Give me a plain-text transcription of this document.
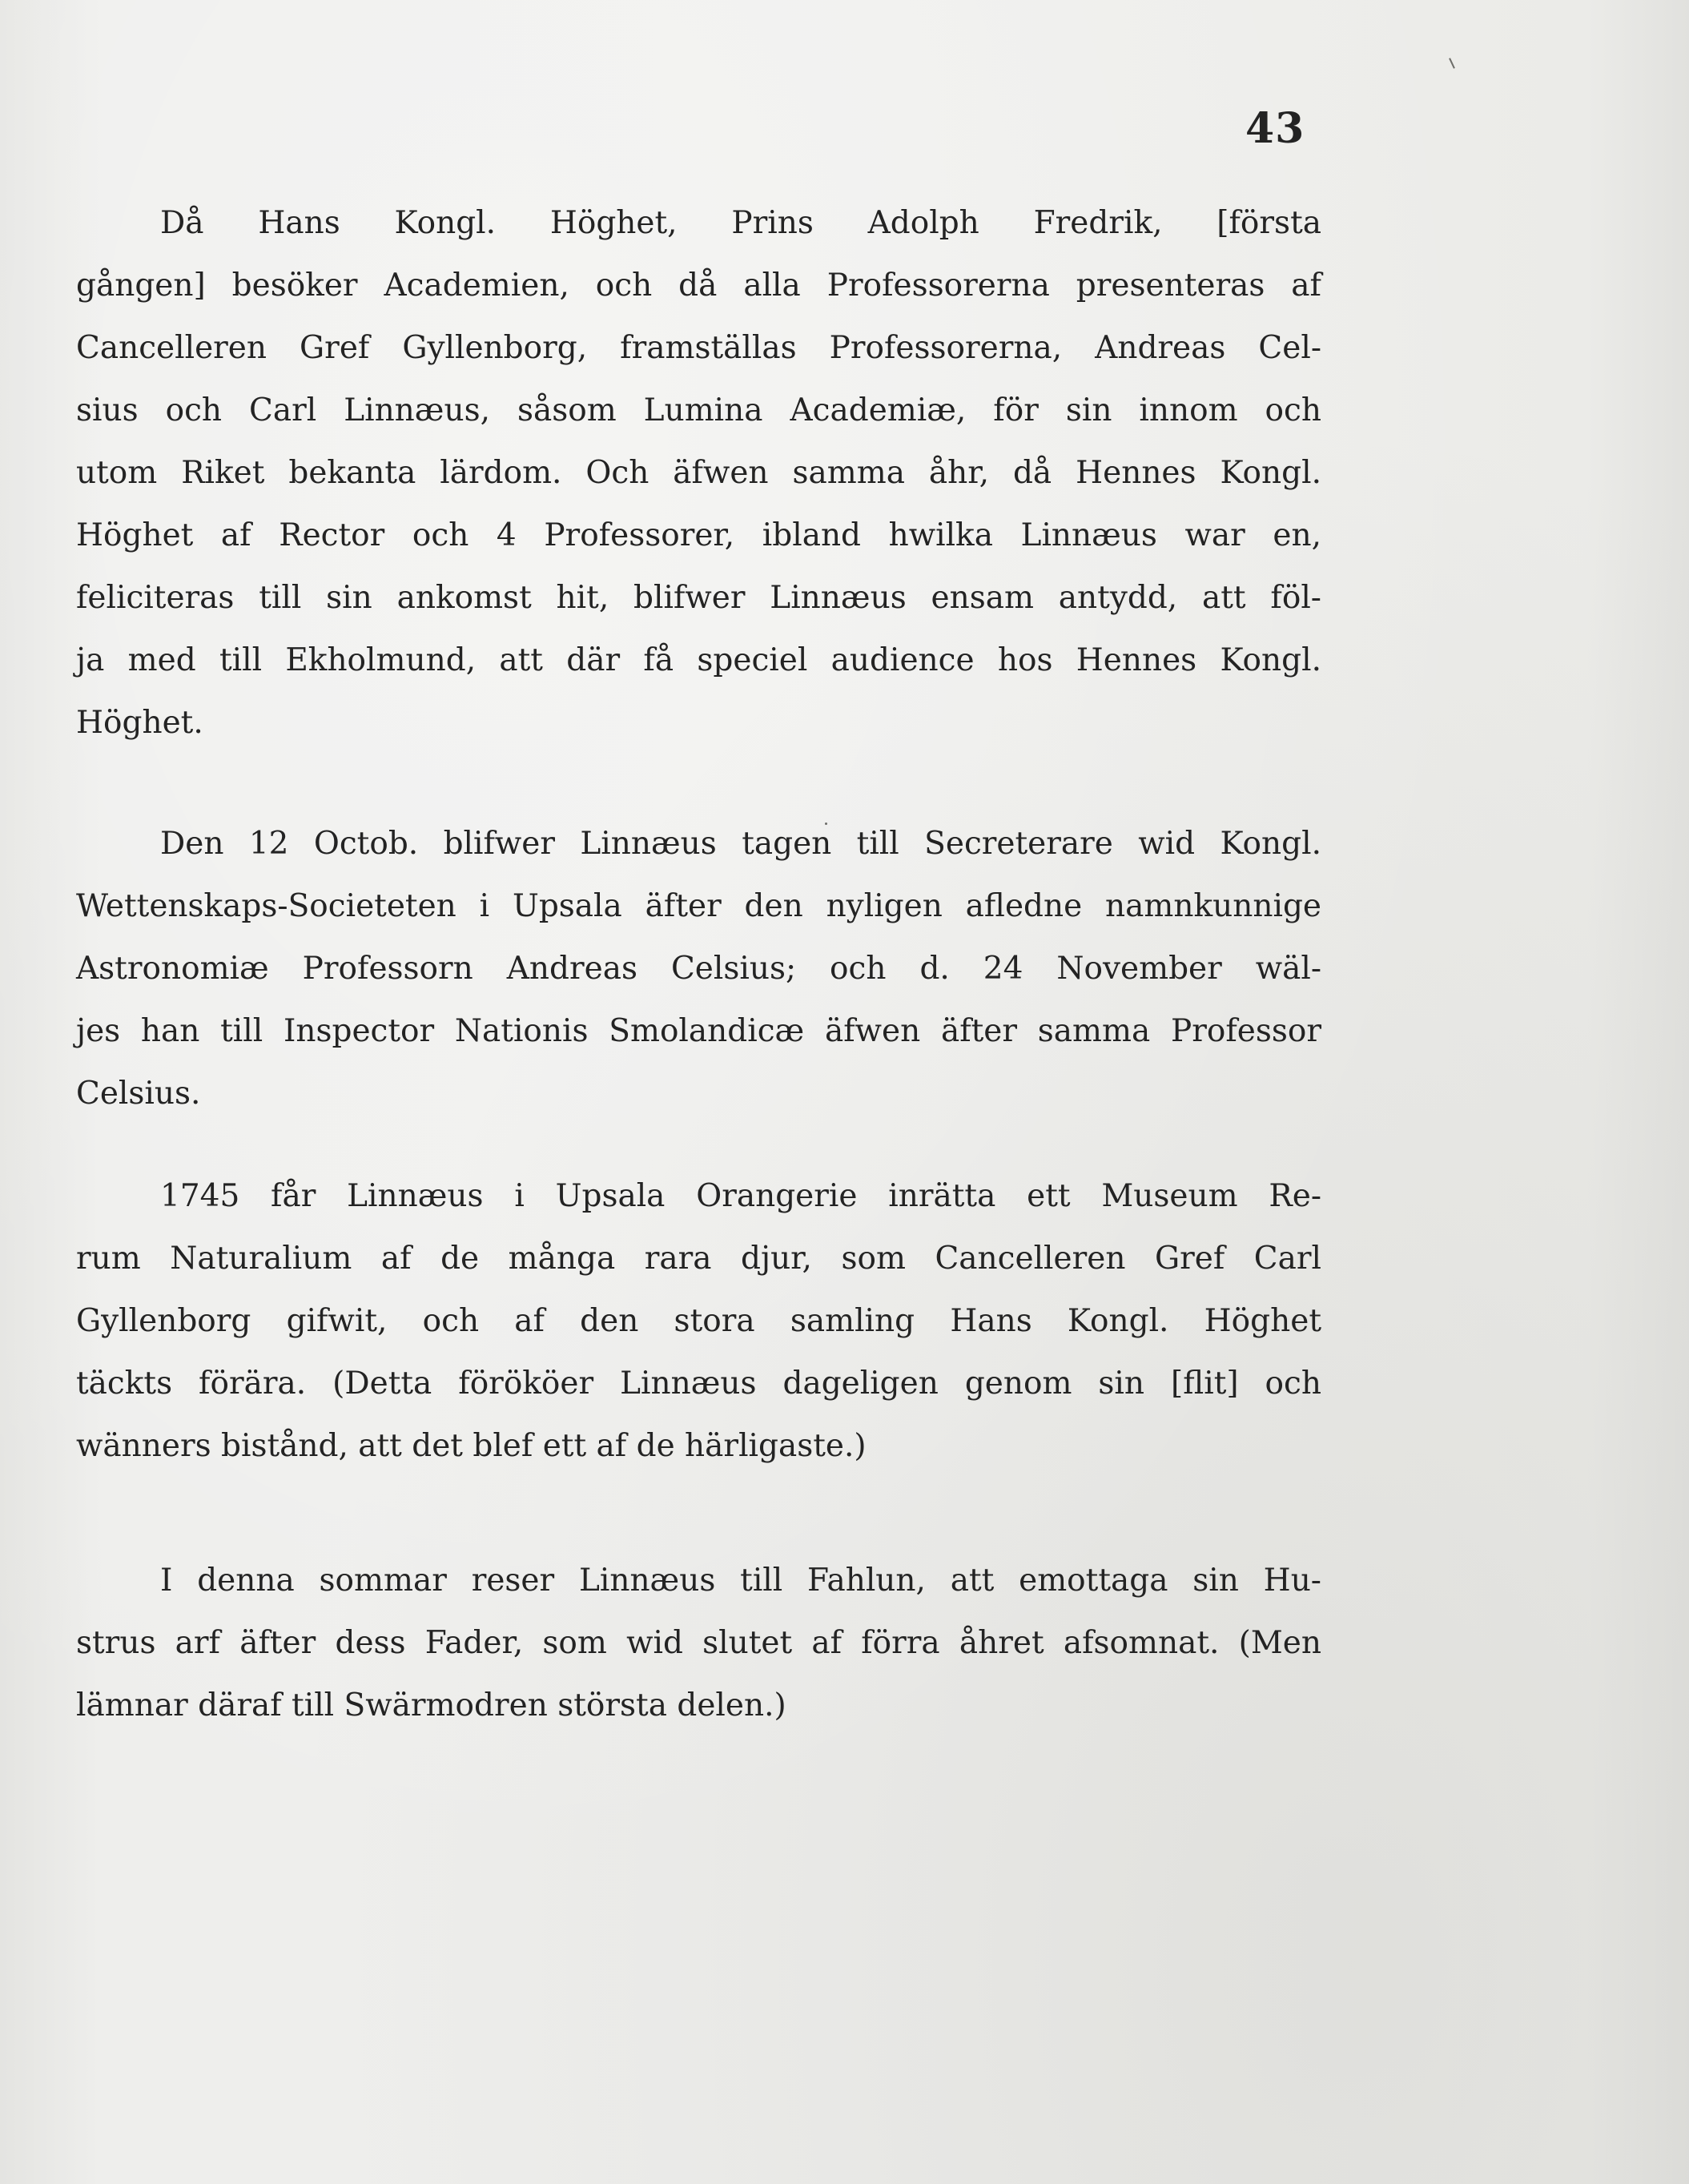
43
Då Hans Kongl. Höghet, Prins Adolph Fredrik, [första
gången] besöker Academien, och då alla Professorerna presenteras af
Cancelleren Gref Gyllenborg, framställas Professorerna, Andreas Cel-
sius och Carl Linnæus, såsom Lumina Academiæ, för sin innom och
utom Riket bekanta lärdom. Och äfwen samma åhr, då Hennes Kongl.
Höghet af Rector och 4 Professorer, ibland hwilka Linnæus war en,
feliciteras till sin ankomst hit, blifwer Linnæus ensam antydd, att föl-
ja med till Ekholmund, att där få speciel audience hos Hennes Kongl.
Höghet.
Den 12 Octob. blifwer Linnæus tagen till Secreterare wid Kongl.
Wettenskaps-Societeten i Upsala äfter den nyligen afledne namnkunnige
Astronomiæ Professorn Andreas Celsius; och d. 24 November wäl-
jes han till Inspector Nationis Smolandicæ äfwen äfter samma Professor
Celsius.
1745 får Linnæus i Upsala Orangerie inrätta ett Museum Re-
rum Naturalium af de många rara djur, som Cancelleren Gref Carl
Gyllenborg gifwit, och af den stora samling Hans Kongl. Höghet
täckts förära. (Detta förököer Linnæus dageligen genom sin [flit] och
wänners bistånd, att det blef ett af de härligaste.)
I denna sommar reser Linnæus till Fahlun, att emottaga sin Hu-
strus arf äfter dess Fader, som wid slutet af förra åhret afsomnat. (Men
lämnar däraf till Swärmodren största delen.)
